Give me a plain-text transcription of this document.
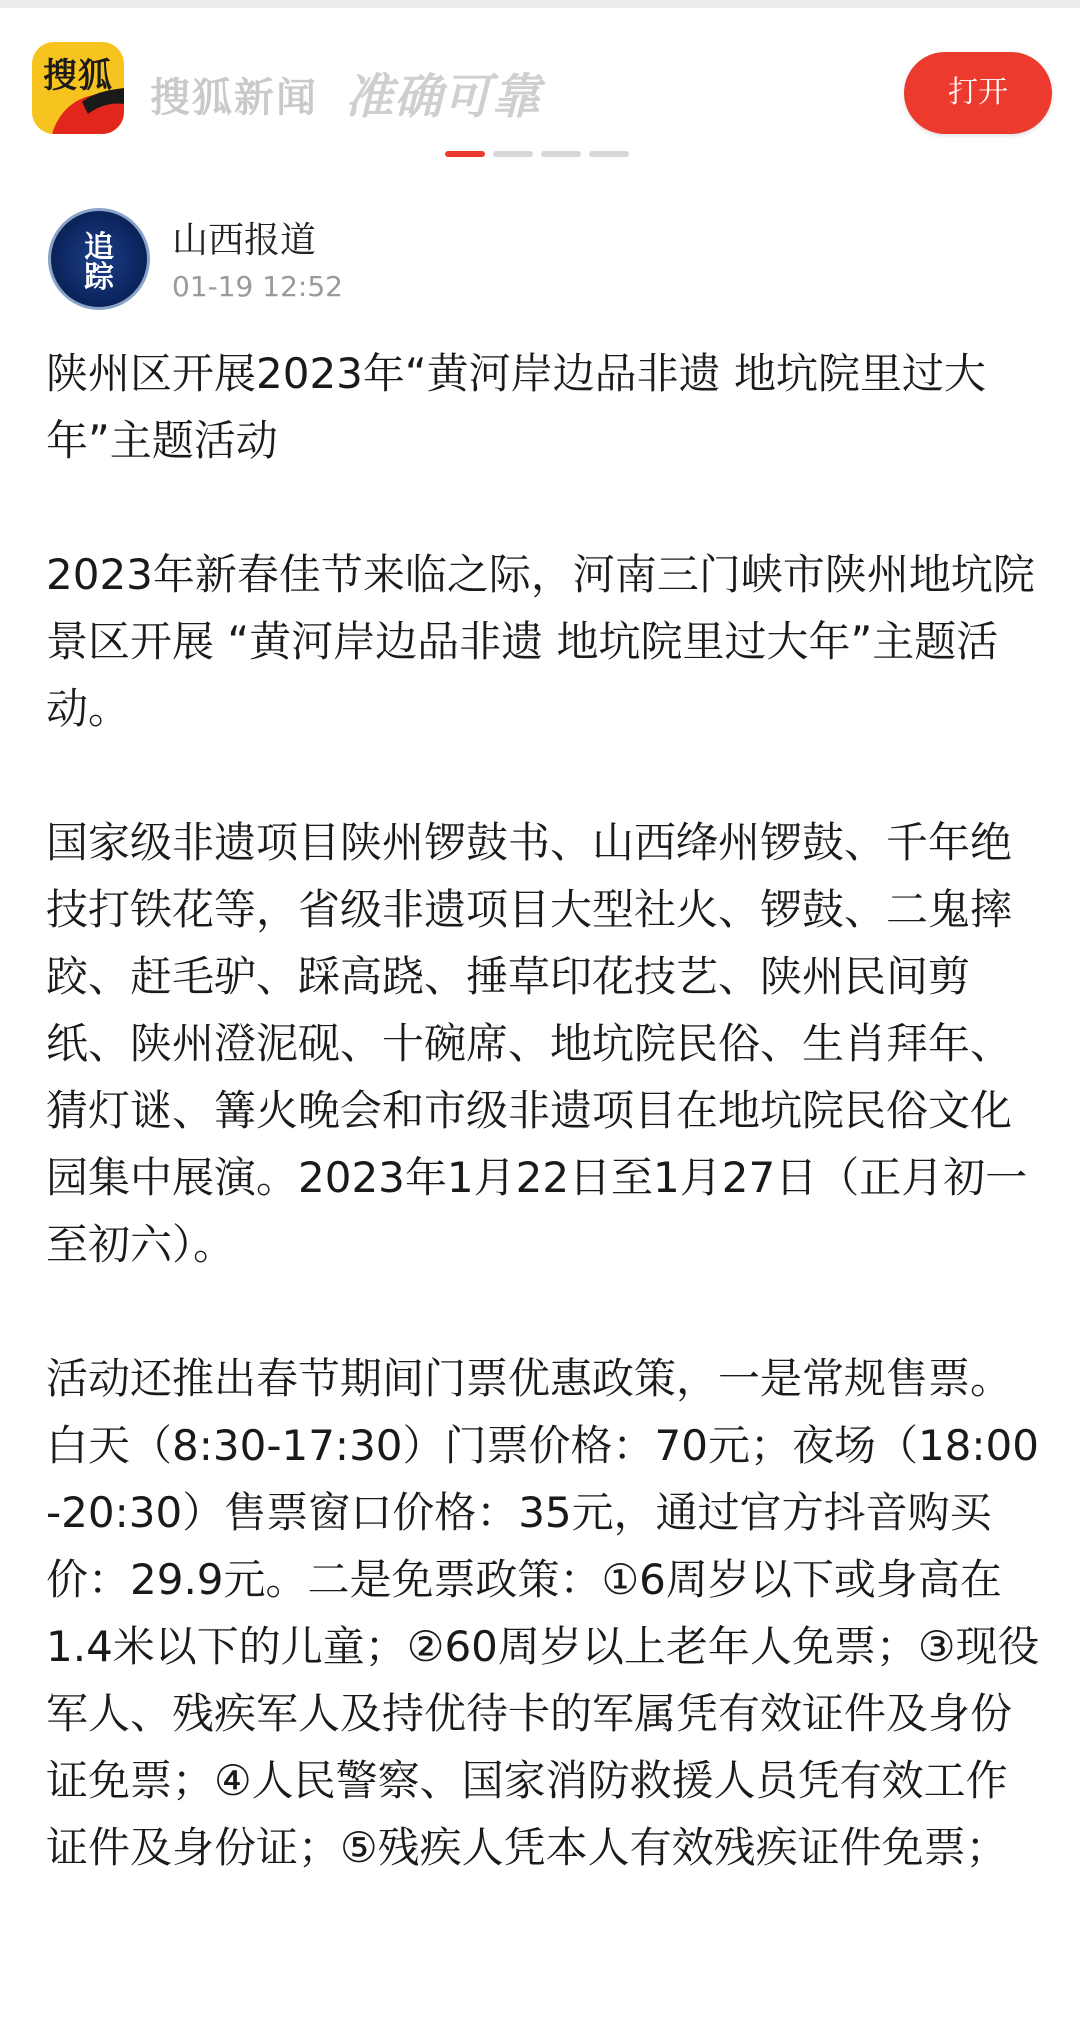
搜狐 搜狐新闻 准确可靠	打开
追
踪
山西报道
01-19 12:52

陕州区开展2023年“黄河岸边品非遗 地坑院里过大年”主题活动

2023年新春佳节来临之际，河南三门峡市陕州地坑院景区开展 “黄河岸边品非遗 地坑院里过大年”主题活动。

国家级非遗项目陕州锣鼓书、山西绛州锣鼓、千年绝技打铁花等，省级非遗项目大型社火、锣鼓、二鬼摔跤、赶毛驴、踩高跷、捶草印花技艺、陕州民间剪纸、陕州澄泥砚、十碗席、地坑院民俗、生肖拜年、猜灯谜、篝火晚会和市级非遗项目在地坑院民俗文化园集中展演。2023年1月22日至1月27日（正月初一至初六）。

活动还推出春节期间门票优惠政策，一是常规售票。白天（8:30-17:30）门票价格：70元；夜场（18:00-20:30）售票窗口价格：35元，通过官方抖音购买价：29.9元。二是免票政策：①6周岁以下或身高在1.4米以下的儿童；②60周岁以上老年人免票；③现役军人、残疾军人及持优待卡的军属凭有效证件及身份证免票；④人民警察、国家消防救援人员凭有效工作证件及身份证；⑤残疾人凭本人有效残疾证件免票；
